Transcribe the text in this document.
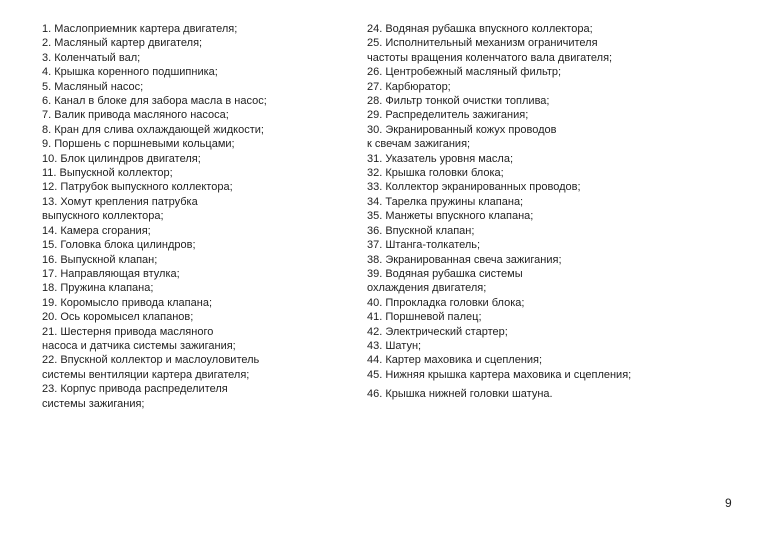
1. Маслоприемник картера двигателя;
2. Масляный картер двигателя;
3. Коленчатый вал;
4. Крышка коренного подшипника;
5. Масляный насос;
6. Канал в блоке для забора масла в насос;
7. Валик привода масляного насоса;
8. Кран для слива охлаждающей жидкости;
9. Поршень с поршневыми кольцами;
10. Блок цилиндров двигателя;
11. Выпускной коллектор;
12. Патрубок выпускного коллектора;
13. Хомут крепления патрубка
выпускного коллектора;
14. Камера сгорания;
15. Головка блока цилиндров;
16. Выпускной клапан;
17. Направляющая втулка;
18. Пружина клапана;
19. Коромысло привода клапана;
20. Ось коромысел клапанов;
21. Шестерня привода масляного
насоса и датчика системы зажигания;
22. Впускной коллектор и маслоуловитель
системы вентиляции картера двигателя;
23. Корпус привода распределителя
системы зажигания;
24. Водяная рубашка впускного коллектора;
25. Исполнительный механизм ограничителя
частоты вращения коленчатого вала двигателя;
26. Центробежный масляный фильтр;
27. Карбюратор;
28. Фильтр тонкой очистки топлива;
29. Распределитель зажигания;
30. Экранированный кожух проводов
к свечам зажигания;
31. Указатель уровня масла;
32. Крышка головки блока;
33. Коллектор экранированных проводов;
34. Тарелка пружины клапана;
35. Манжеты впускного клапана;
36. Впускной клапан;
37. Штанга-толкатель;
38. Экранированная свеча зажигания;
39. Водяная рубашка системы
охлаждения двигателя;
40. Ппрокладка головки блока;
41. Поршневой палец;
42. Электрический стартер;
43. Шатун;
44. Картер маховика и сцепления;
45. Нижняя крышка картера маховика и сцепления;
46. Крышка нижней головки шатуна.
9
